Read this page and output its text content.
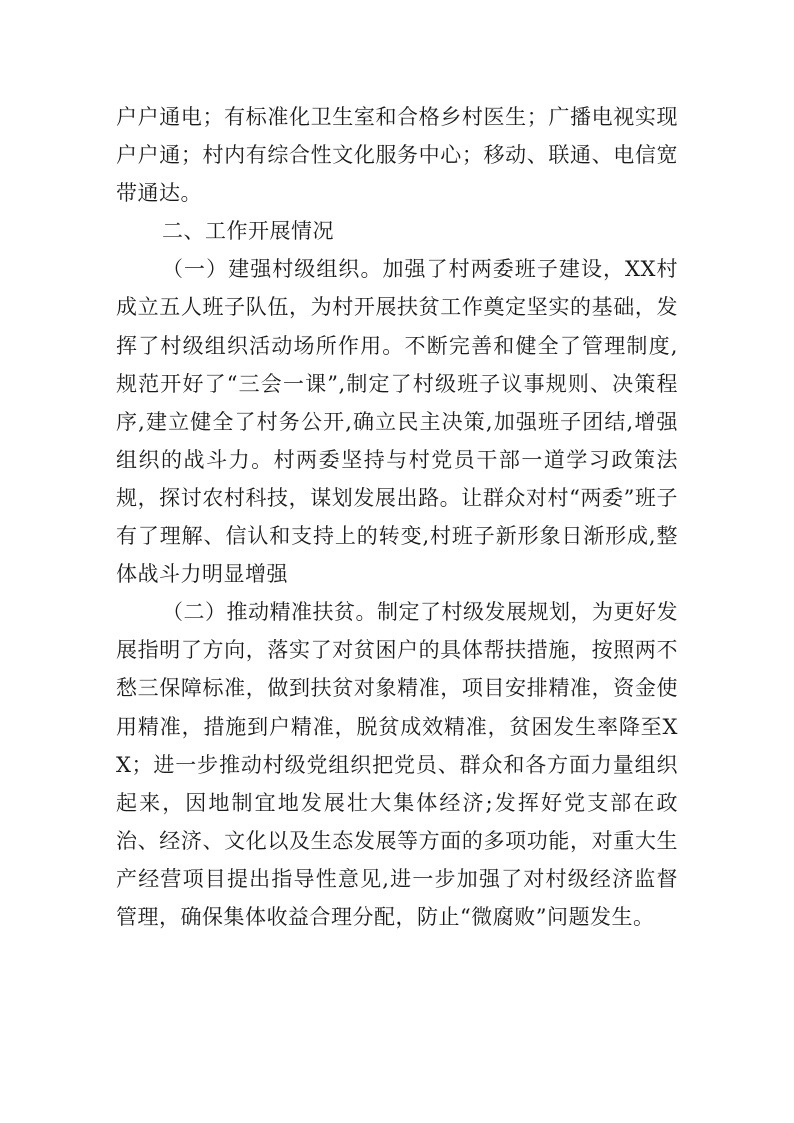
户户通电；有标准化卫生室和合格乡村医生；广播电视实现户户通；村内有综合性文化服务中心；移动、联通、电信宽带通达。

二、工作开展情况

（一）建强村级组织。加强了村两委班子建设，XX村成立五人班子队伍，为村开展扶贫工作奠定坚实的基础，发挥了村级组织活动场所作用。不断完善和健全了管理制度,规范开好了“三会一课”,制定了村级班子议事规则、决策程序,建立健全了村务公开,确立民主决策,加强班子团结,增强组织的战斗力。村两委坚持与村党员干部一道学习政策法规，探讨农村科技，谋划发展出路。让群众对村“两委”班子有了理解、信认和支持上的转变,村班子新形象日渐形成,整体战斗力明显增强

（二）推动精准扶贫。制定了村级发展规划，为更好发展指明了方向，落实了对贫困户的具体帮扶措施，按照两不愁三保障标准，做到扶贫对象精准，项目安排精准，资金使用精准，措施到户精准，脱贫成效精准，贫困发生率降至XX；进一步推动村级党组织把党员、群众和各方面力量组织起来，因地制宜地发展壮大集体经济;发挥好党支部在政治、经济、文化以及生态发展等方面的多项功能，对重大生产经营项目提出指导性意见,进一步加强了对村级经济监督管理，确保集体收益合理分配，防止“微腐败”问题发生。
